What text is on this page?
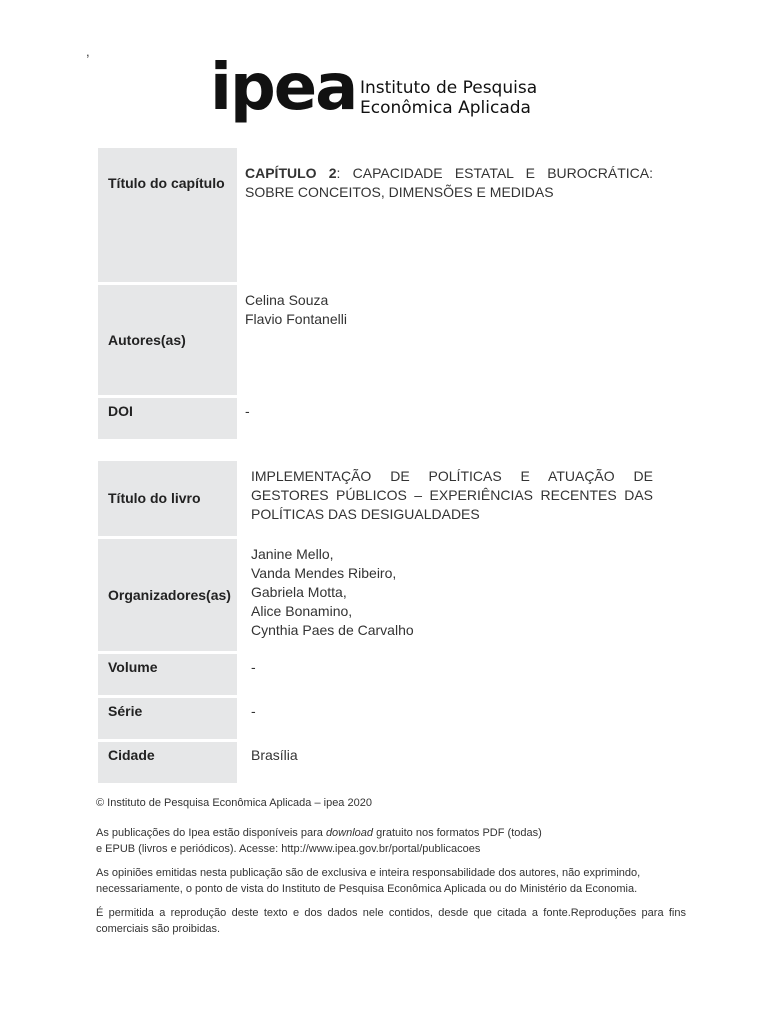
, ipea Instituto de Pesquisa
Econômica Aplicada
Título do capítulo	CAPÍTULO 2: CAPACIDADE ESTATAL E BUROCRÁTICA: SOBRE CONCEITOS, DIMENSÕES E MEDIDAS
Autores(as)	Celina Souza
Flavio Fontanelli

DOI	-
Título do livro	IMPLEMENTAÇÃO DE POLÍTICAS E ATUAÇÃO DE GESTORES PÚBLICOS – EXPERIÊNCIAS RECENTES DAS POLÍTICAS DAS DESIGUALDADES
Organizadores(as)	Janine Mello,
Vanda Mendes Ribeiro,
Gabriela Motta,
Alice Bonamino,
Cynthia Paes de Carvalho

Volume	-
Série	-
Cidade	Brasília

© Instituto de Pesquisa Econômica Aplicada – ipea 2020

As publicações do Ipea estão disponíveis para download gratuito nos formatos PDF (todas)
e EPUB (livros e periódicos). Acesse: http://www.ipea.gov.br/portal/publicacoes

As opiniões emitidas nesta publicação são de exclusiva e inteira responsabilidade dos autores, não exprimindo, necessariamente, o ponto de vista do Instituto de Pesquisa Econômica Aplicada ou do Ministério da Economia.

É permitida a reprodução deste texto e dos dados nele contidos, desde que citada a fonte.Reproduções para fins comerciais são proibidas.
